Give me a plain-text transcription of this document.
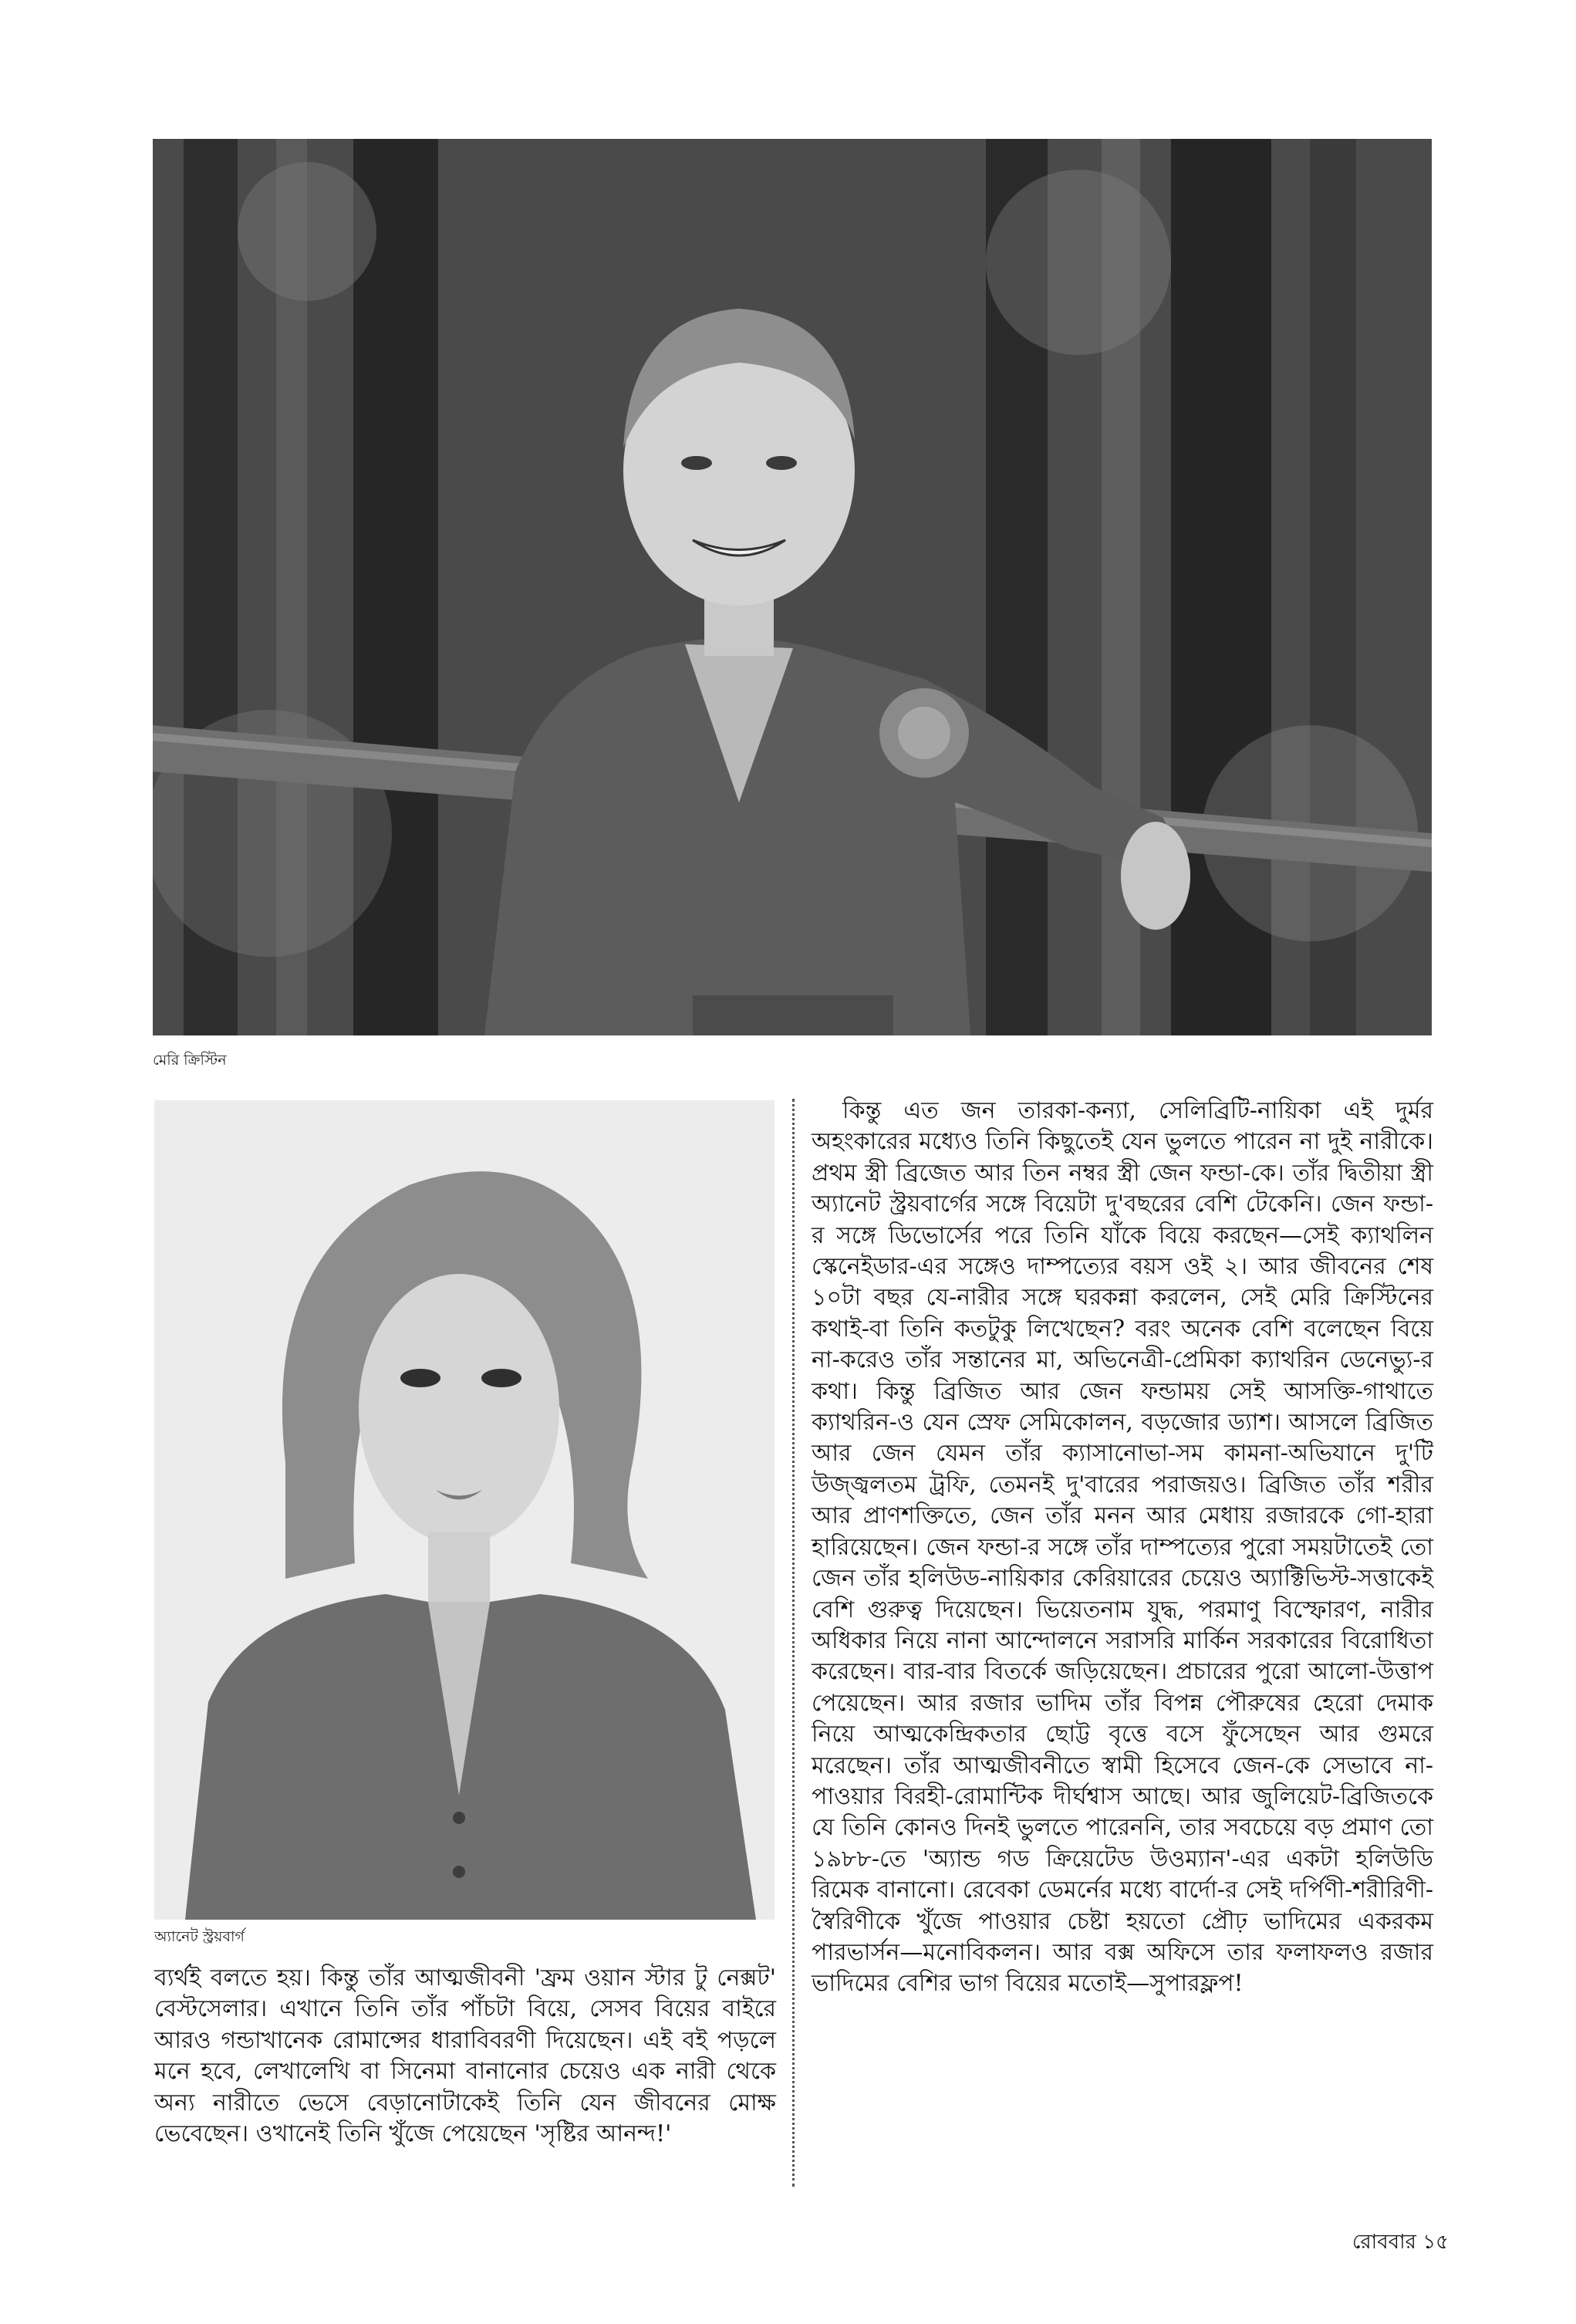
মেরি ক্রিস্টিন
অ্যানেট স্ট্রয়বার্গ

কিন্তু এত জন তারকা-কন্যা, সেলিব্রিটি-নায়িকা এই দুর্মর অহংকারের মধ্যেও তিনি কিছুতেই যেন ভুলতে পারেন না দুই নারীকে। প্রথম স্ত্রী ব্রিজেত আর তিন নম্বর স্ত্রী জেন ফন্ডা-কে। তাঁর দ্বিতীয়া স্ত্রী অ্যানেট স্ট্রয়বার্গের সঙ্গে বিয়েটা দু'বছরের বেশি টেকেনি। জেন ফন্ডা-র সঙ্গে ডিভোর্সের পরে তিনি যাঁকে বিয়ে করছেন—সেই ক্যাথলিন স্কেনেইডার-এর সঙ্গেও দাম্পত্যের বয়স ওই ২। আর জীবনের শেষ ১০টা বছর যে-নারীর সঙ্গে ঘরকন্না করলেন, সেই মেরি ক্রিস্টিনের কথাই-বা তিনি কতটুকু লিখেছেন? বরং অনেক বেশি বলেছেন বিয়ে না-করেও তাঁর সন্তানের মা, অভিনেত্রী-প্রেমিকা ক্যাথরিন ডেনেভ্যু-র কথা। কিন্তু ব্রিজিত আর জেন ফন্ডাময় সেই আসক্তি-গাথাতে ক্যাথরিন-ও যেন স্রেফ সেমিকোলন, বড়জোর ড্যাশ। আসলে ব্রিজিত আর জেন যেমন তাঁর ক্যাসানোভা-সম কামনা-অভিযানে দু'টি উজ্জ্বলতম ট্রফি, তেমনই দু'বারের পরাজয়ও। ব্রিজিত তাঁর শরীর আর প্রাণশক্তিতে, জেন তাঁর মনন আর মেধায় রজারকে গো-হারা হারিয়েছেন। জেন ফন্ডা-র সঙ্গে তাঁর দাম্পত্যের পুরো সময়টাতেই তো জেন তাঁর হলিউড-নায়িকার কেরিয়ারের চেয়েও অ্যাক্টিভিস্ট-সত্তাকেই বেশি গুরুত্ব দিয়েছেন। ভিয়েতনাম যুদ্ধ, পরমাণু বিস্ফোরণ, নারীর অধিকার নিয়ে নানা আন্দোলনে সরাসরি মার্কিন সরকারের বিরোধিতা করেছেন। বার-বার বিতর্কে জড়িয়েছেন। প্রচারের পুরো আলো-উত্তাপ পেয়েছেন। আর রজার ভাদিম তাঁর বিপন্ন পৌরুষের হেরো দেমাক নিয়ে আত্মকেন্দ্রিকতার ছোট্ট বৃত্তে বসে ফুঁসেছেন আর গুমরে মরেছেন। তাঁর আত্মজীবনীতে স্বামী হিসেবে জেন-কে সেভাবে না-পাওয়ার বিরহী-রোমান্টিক দীর্ঘশ্বাস আছে। আর জুলিয়েট-ব্রিজিতকে যে তিনি কোনও দিনই ভুলতে পারেননি, তার সবচেয়ে বড় প্রমাণ তো ১৯৮৮-তে 'অ্যান্ড গড ক্রিয়েটেড উওম্যান'-এর একটা হলিউডি রিমেক বানানো। রেবেকা ডেমর্নের মধ্যে বার্দো-র সেই দর্পিণী-শরীরিণী-স্বৈরিণীকে খুঁজে পাওয়ার চেষ্টা হয়তো প্রৌঢ় ভাদিমের একরকম পারভার্সন—মনোবিকলন। আর বক্স অফিসে তার ফলাফলও রজার ভাদিমের বেশির ভাগ বিয়ের মতোই—সুপারফ্লপ!

ব্যর্থই বলতে হয়। কিন্তু তাঁর আত্মজীবনী 'ফ্রম ওয়ান স্টার টু নেক্সট' বেস্টসেলার। এখানে তিনি তাঁর পাঁচটা বিয়ে, সেসব বিয়ের বাইরে আরও গন্ডাখানেক রোমান্সের ধারাবিবরণী দিয়েছেন। এই বই পড়লে মনে হবে, লেখালেখি বা সিনেমা বানানোর চেয়েও এক নারী থেকে অন্য নারীতে ভেসে বেড়ানোটাকেই তিনি যেন জীবনের মোক্ষ ভেবেছেন। ওখানেই তিনি খুঁজে পেয়েছেন 'সৃষ্টির আনন্দ!'

রোববার ১৫
